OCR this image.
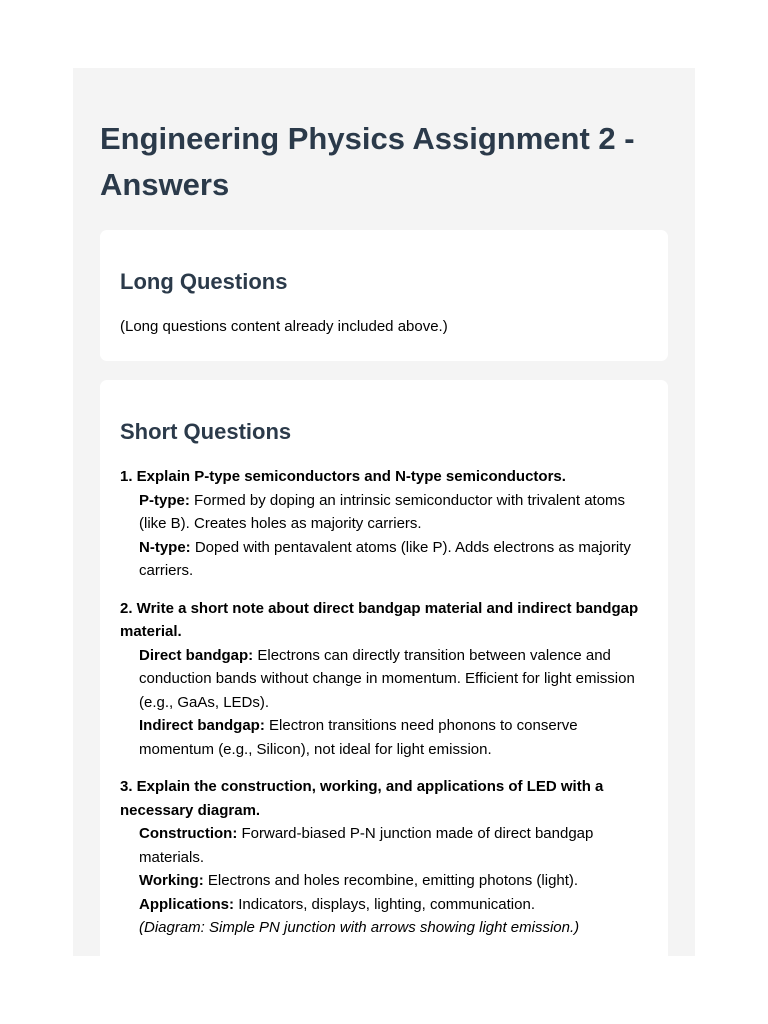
Engineering Physics Assignment 2 - Answers
Long Questions

(Long questions content already included above.)

Short Questions
1. Explain P-type semiconductors and N-type semiconductors.
P-type: Formed by doping an intrinsic semiconductor with trivalent atoms (like B). Creates holes as majority carriers.
N-type: Doped with pentavalent atoms (like P). Adds electrons as majority carriers.
2. Write a short note about direct bandgap material and indirect bandgap material.
Direct bandgap: Electrons can directly transition between valence and conduction bands without change in momentum. Efficient for light emission (e.g., GaAs, LEDs).
Indirect bandgap: Electron transitions need phonons to conserve momentum (e.g., Silicon), not ideal for light emission.
3. Explain the construction, working, and applications of LED with a necessary diagram.
Construction: Forward-biased P-N junction made of direct bandgap materials.
Working: Electrons and holes recombine, emitting photons (light).
Applications: Indicators, displays, lighting, communication.
(Diagram: Simple PN junction with arrows showing light emission.)
